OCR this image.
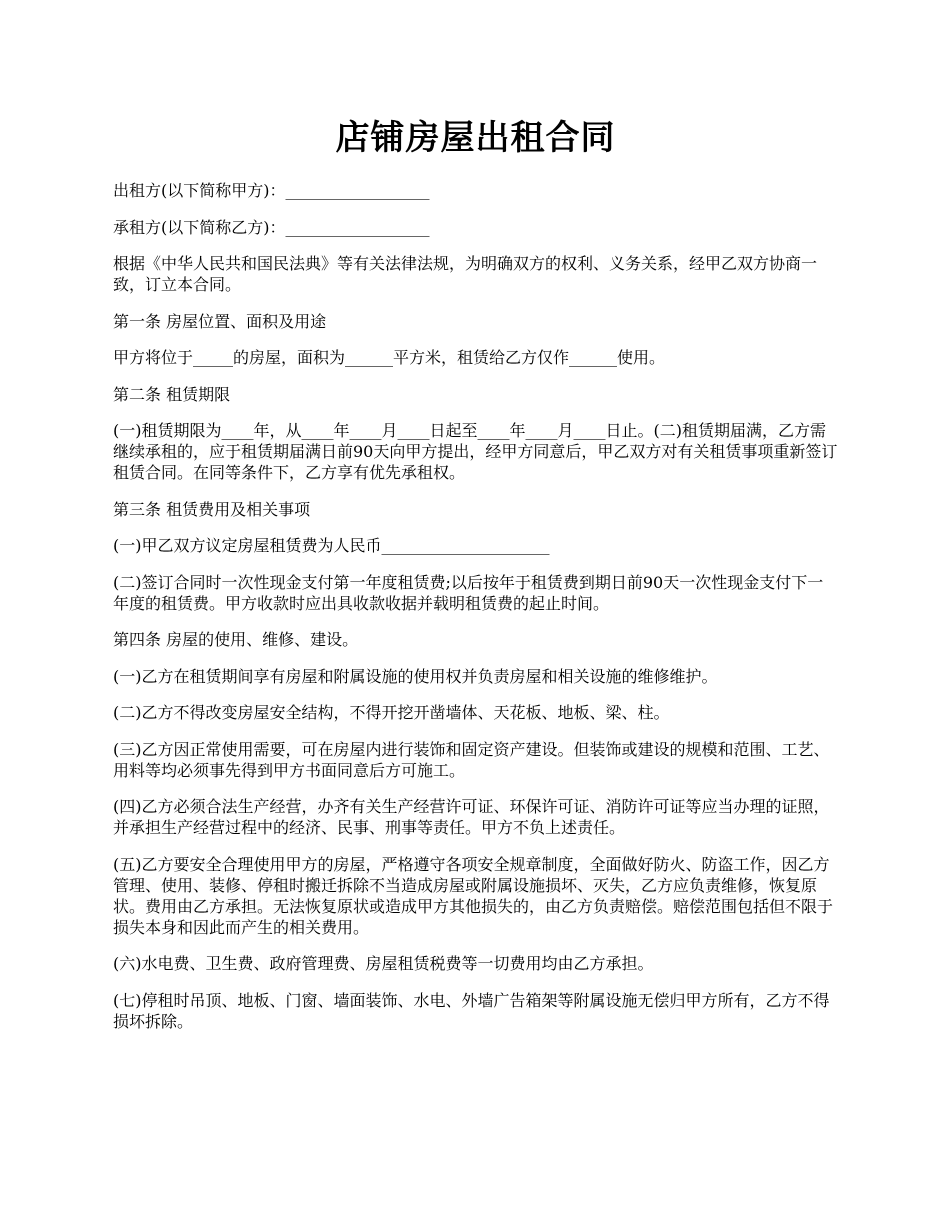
店铺房屋出租合同

出租方(以下简称甲方)：__________________

承租方(以下简称乙方)：__________________

根据《中华人民共和国民法典》等有关法律法规，为明确双方的权利、义务关系，经甲乙双方协商一致，订立本合同。

第一条 房屋位置、面积及用途

甲方将位于_____的房屋，面积为______平方米，租赁给乙方仅作______使用。

第二条 租赁期限

(一)租赁期限为____年，从____年____月____日起至____年____月____日止。(二)租赁期届满，乙方需继续承租的，应于租赁期届满日前90天向甲方提出，经甲方同意后，甲乙双方对有关租赁事项重新签订租赁合同。在同等条件下，乙方享有优先承租权。

第三条 租赁费用及相关事项

(一)甲乙双方议定房屋租赁费为人民币_____________________

(二)签订合同时一次性现金支付第一年度租赁费;以后按年于租赁费到期日前90天一次性现金支付下一年度的租赁费。甲方收款时应出具收款收据并载明租赁费的起止时间。

第四条 房屋的使用、维修、建设。

(一)乙方在租赁期间享有房屋和附属设施的使用权并负责房屋和相关设施的维修维护。

(二)乙方不得改变房屋安全结构，不得开挖开凿墙体、天花板、地板、梁、柱。

(三)乙方因正常使用需要，可在房屋内进行装饰和固定资产建设。但装饰或建设的规模和范围、工艺、用料等均必须事先得到甲方书面同意后方可施工。

(四)乙方必须合法生产经营，办齐有关生产经营许可证、环保许可证、消防许可证等应当办理的证照，并承担生产经营过程中的经济、民事、刑事等责任。甲方不负上述责任。

(五)乙方要安全合理使用甲方的房屋，严格遵守各项安全规章制度，全面做好防火、防盗工作，因乙方管理、使用、装修、停租时搬迁拆除不当造成房屋或附属设施损坏、灭失，乙方应负责维修，恢复原状。费用由乙方承担。无法恢复原状或造成甲方其他损失的，由乙方负责赔偿。赔偿范围包括但不限于损失本身和因此而产生的相关费用。

(六)水电费、卫生费、政府管理费、房屋租赁税费等一切费用均由乙方承担。

(七)停租时吊顶、地板、门窗、墙面装饰、水电、外墙广告箱架等附属设施无偿归甲方所有，乙方不得损坏拆除。
